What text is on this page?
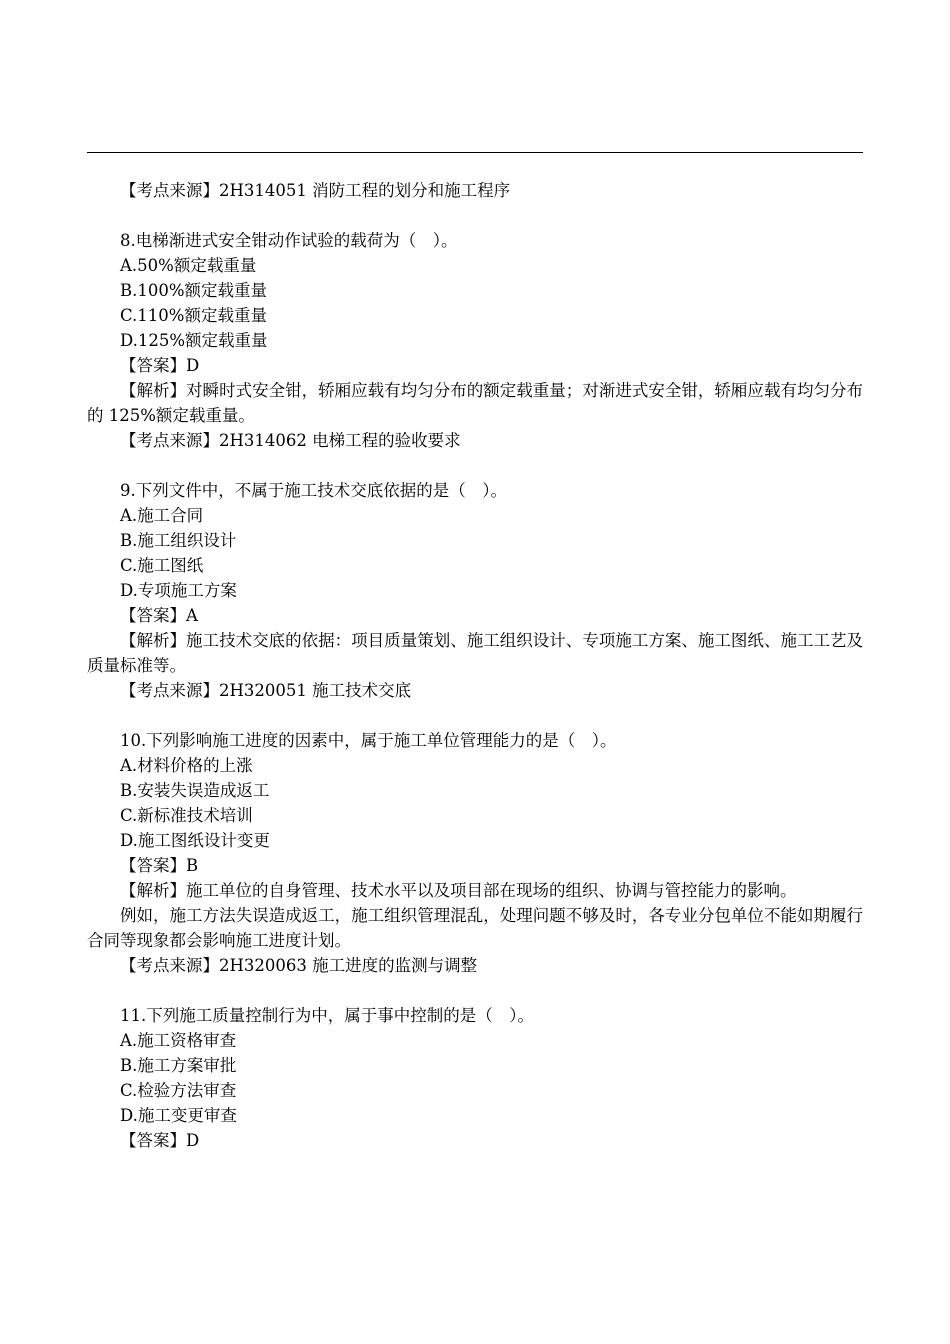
【考点来源】2H314051 消防工程的划分和施工程序
8.电梯渐进式安全钳动作试验的载荷为（　）。
A.50%额定载重量
B.100%额定载重量
C.110%额定载重量
D.125%额定载重量
【答案】D
【解析】对瞬时式安全钳，轿厢应载有均匀分布的额定载重量；对渐进式安全钳，轿厢应载有均匀分布的 125%额定载重量。
【考点来源】2H314062 电梯工程的验收要求
9.下列文件中，不属于施工技术交底依据的是（　）。
A.施工合同
B.施工组织设计
C.施工图纸
D.专项施工方案
【答案】A
【解析】施工技术交底的依据：项目质量策划、施工组织设计、专项施工方案、施工图纸、施工工艺及质量标准等。
【考点来源】2H320051 施工技术交底
10.下列影响施工进度的因素中，属于施工单位管理能力的是（　）。
A.材料价格的上涨
B.安装失误造成返工
C.新标准技术培训
D.施工图纸设计变更
【答案】B
【解析】施工单位的自身管理、技术水平以及项目部在现场的组织、协调与管控能力的影响。
例如，施工方法失误造成返工，施工组织管理混乱，处理问题不够及时，各专业分包单位不能如期履行合同等现象都会影响施工进度计划。
【考点来源】2H320063 施工进度的监测与调整
11.下列施工质量控制行为中，属于事中控制的是（　）。
A.施工资格审查
B.施工方案审批
C.检验方法审查
D.施工变更审查
【答案】D
